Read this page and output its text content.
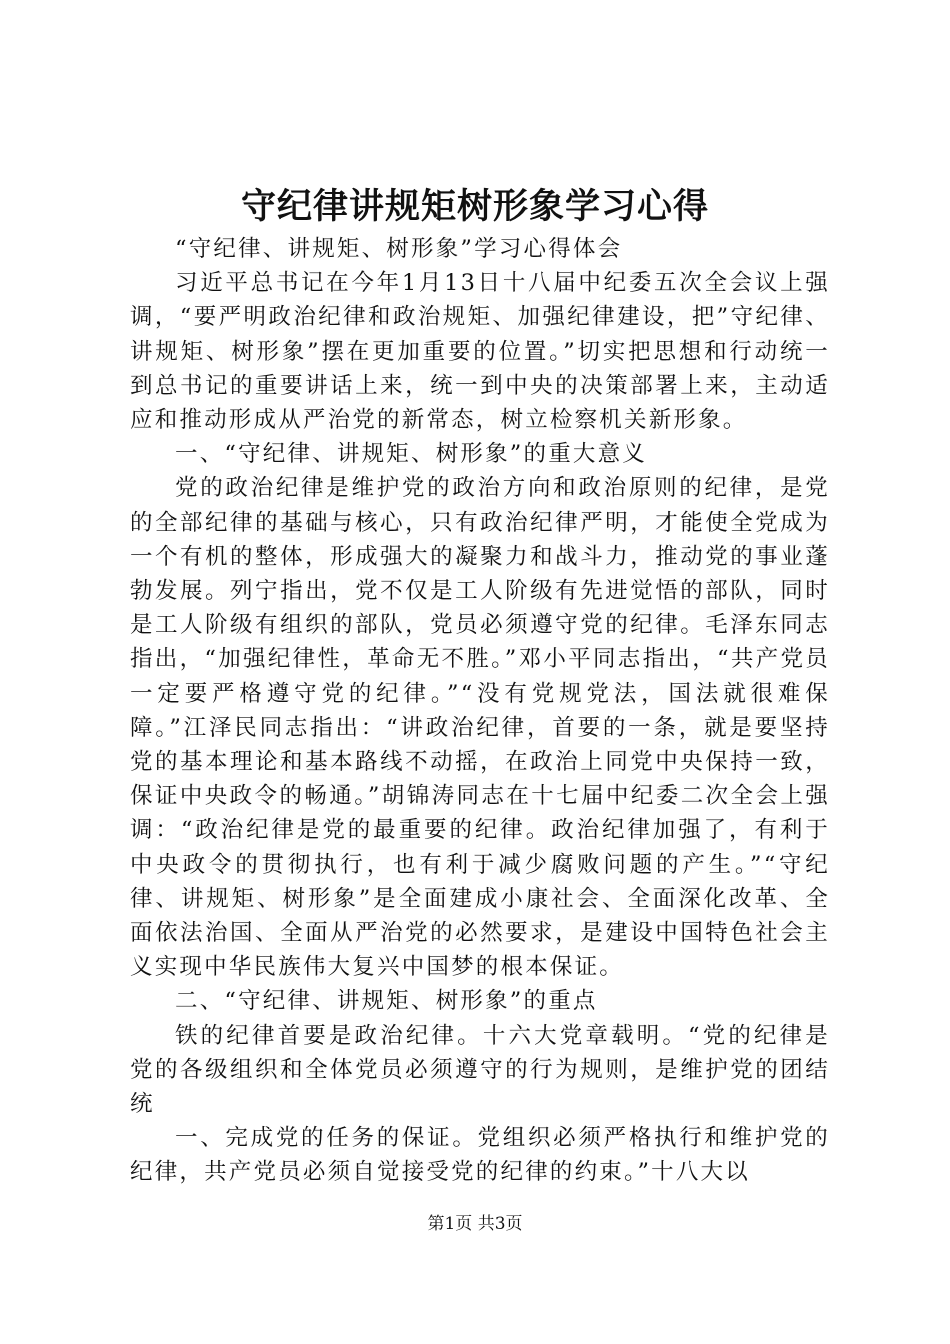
守纪律讲规矩树形象学习心得

“守纪律、讲规矩、树形象”学习心得体会

习近平总书记在今年1月13日十八届中纪委五次全会议上强调，“要严明政治纪律和政治规矩、加强纪律建设，把”守纪律、讲规矩、树形象”摆在更加重要的位置。”切实把思想和行动统一到总书记的重要讲话上来，统一到中央的决策部署上来，主动适应和推动形成从严治党的新常态，树立检察机关新形象。

一、“守纪律、讲规矩、树形象”的重大意义

党的政治纪律是维护党的政治方向和政治原则的纪律，是党的全部纪律的基础与核心，只有政治纪律严明，才能使全党成为一个有机的整体，形成强大的凝聚力和战斗力，推动党的事业蓬勃发展。列宁指出，党不仅是工人阶级有先进觉悟的部队，同时是工人阶级有组织的部队，党员必须遵守党的纪律。毛泽东同志指出，“加强纪律性，革命无不胜。”邓小平同志指出，“共产党员一定要严格遵守党的纪律。”“没有党规党法，国法就很难保障。”江泽民同志指出：“讲政治纪律，首要的一条，就是要坚持党的基本理论和基本路线不动摇，在政治上同党中央保持一致，保证中央政令的畅通。”胡锦涛同志在十七届中纪委二次全会上强调：“政治纪律是党的最重要的纪律。政治纪律加强了，有利于中央政令的贯彻执行，也有利于减少腐败问题的产生。”“守纪律、讲规矩、树形象”是全面建成小康社会、全面深化改革、全面依法治国、全面从严治党的必然要求，是建设中国特色社会主义实现中华民族伟大复兴中国梦的根本保证。

二、“守纪律、讲规矩、树形象”的重点

铁的纪律首要是政治纪律。十六大党章载明。“党的纪律是党的各级组织和全体党员必须遵守的行为规则，是维护党的团结统

一、完成党的任务的保证。党组织必须严格执行和维护党的纪律，共产党员必须自觉接受党的纪律的约束。”十八大以

第1页 共3页
